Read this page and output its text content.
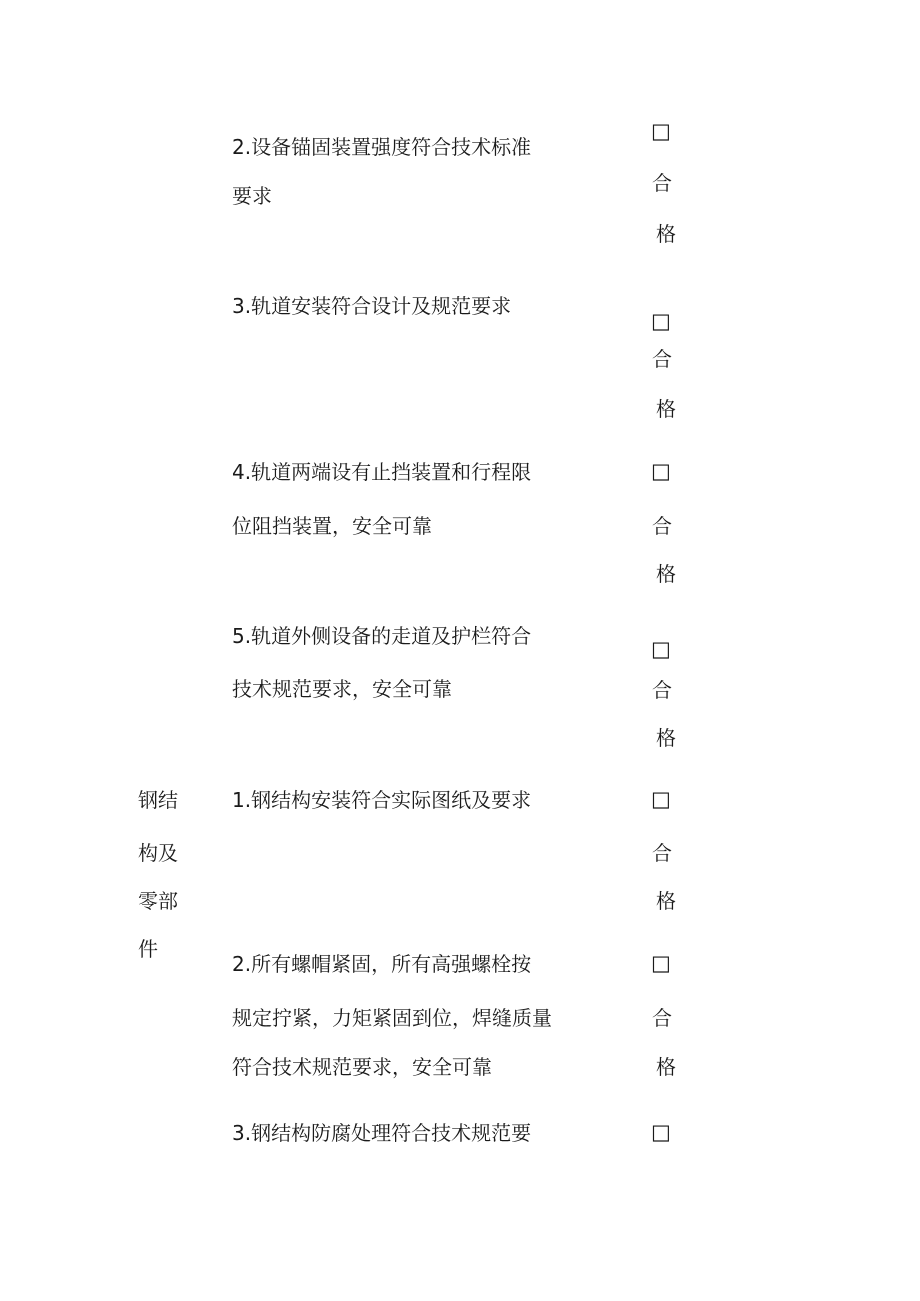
2.设备锚固装置强度符合技术标准
要求
□
合
格
3.轨道安装符合设计及规范要求
□
合
格
4.轨道两端设有止挡装置和行程限
位阻挡装置，安全可靠
□
合
格
5.轨道外侧设备的走道及护栏符合
技术规范要求，安全可靠
□
合
格
钢结
构及
零部
件
1.钢结构安装符合实际图纸及要求	□
合
格
2.所有螺帽紧固，所有高强螺栓按
规定拧紧，力矩紧固到位，焊缝质量
符合技术规范要求，安全可靠
□
合
格
3.钢结构防腐处理符合技术规范要	□
